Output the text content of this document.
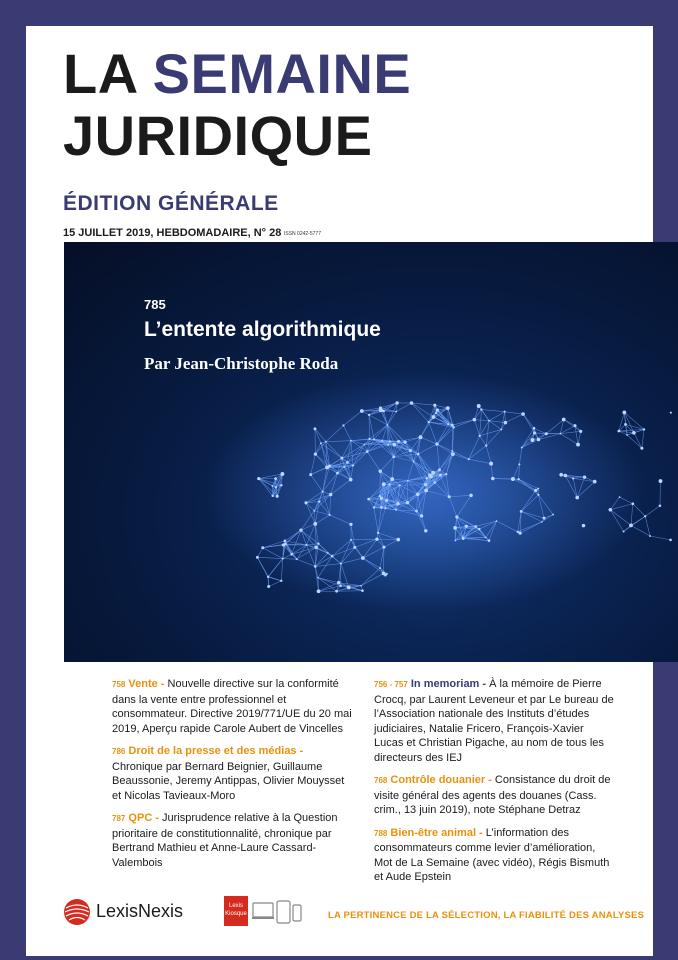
LA SEMAINE
JURIDIQUE
ÉDITION GÉNÉRALE
15 JUILLET 2019, HEBDOMADAIRE, N° 28 ISSN 0242-5777
785
L’entente algorithmique
Par Jean-Christophe Roda
758 Vente - Nouvelle directive sur la conformité dans la vente entre professionnel et consommateur. Directive 2019/771/UE du 20 mai 2019, Aperçu rapide Carole Aubert de Vincelles
786 Droit de la presse et des médias - Chronique par Bernard Beignier, Guillaume Beaussonie, Jeremy Antippas, Olivier Mouysset et Nicolas Tavieaux-Moro
787 QPC - Jurisprudence relative à la Question prioritaire de constitutionnalité, chronique par Bertrand Mathieu et Anne-Laure Cassard-Valembois
756 - 757 In memoriam - À la mémoire de Pierre Crocq, par Laurent Leveneur et par Le bureau de l’Association nationale des Instituts d’études judiciaires, Natalie Fricero, François-Xavier Lucas et Christian Pigache, au nom de tous les directeurs des IEJ
768 Contrôle douanier - Consistance du droit de visite général des agents des douanes (Cass. crim., 13 juin 2019), note Stéphane Detraz
788 Bien-être animal - L’information des consommateurs comme levier d’amélioration, Mot de La Semaine (avec vidéo), Régis Bismuth et Aude Epstein
LexisNexis	Lexis
Kiosque	LA PERTINENCE DE LA SÉLECTION, LA FIABILITÉ DES ANALYSES
